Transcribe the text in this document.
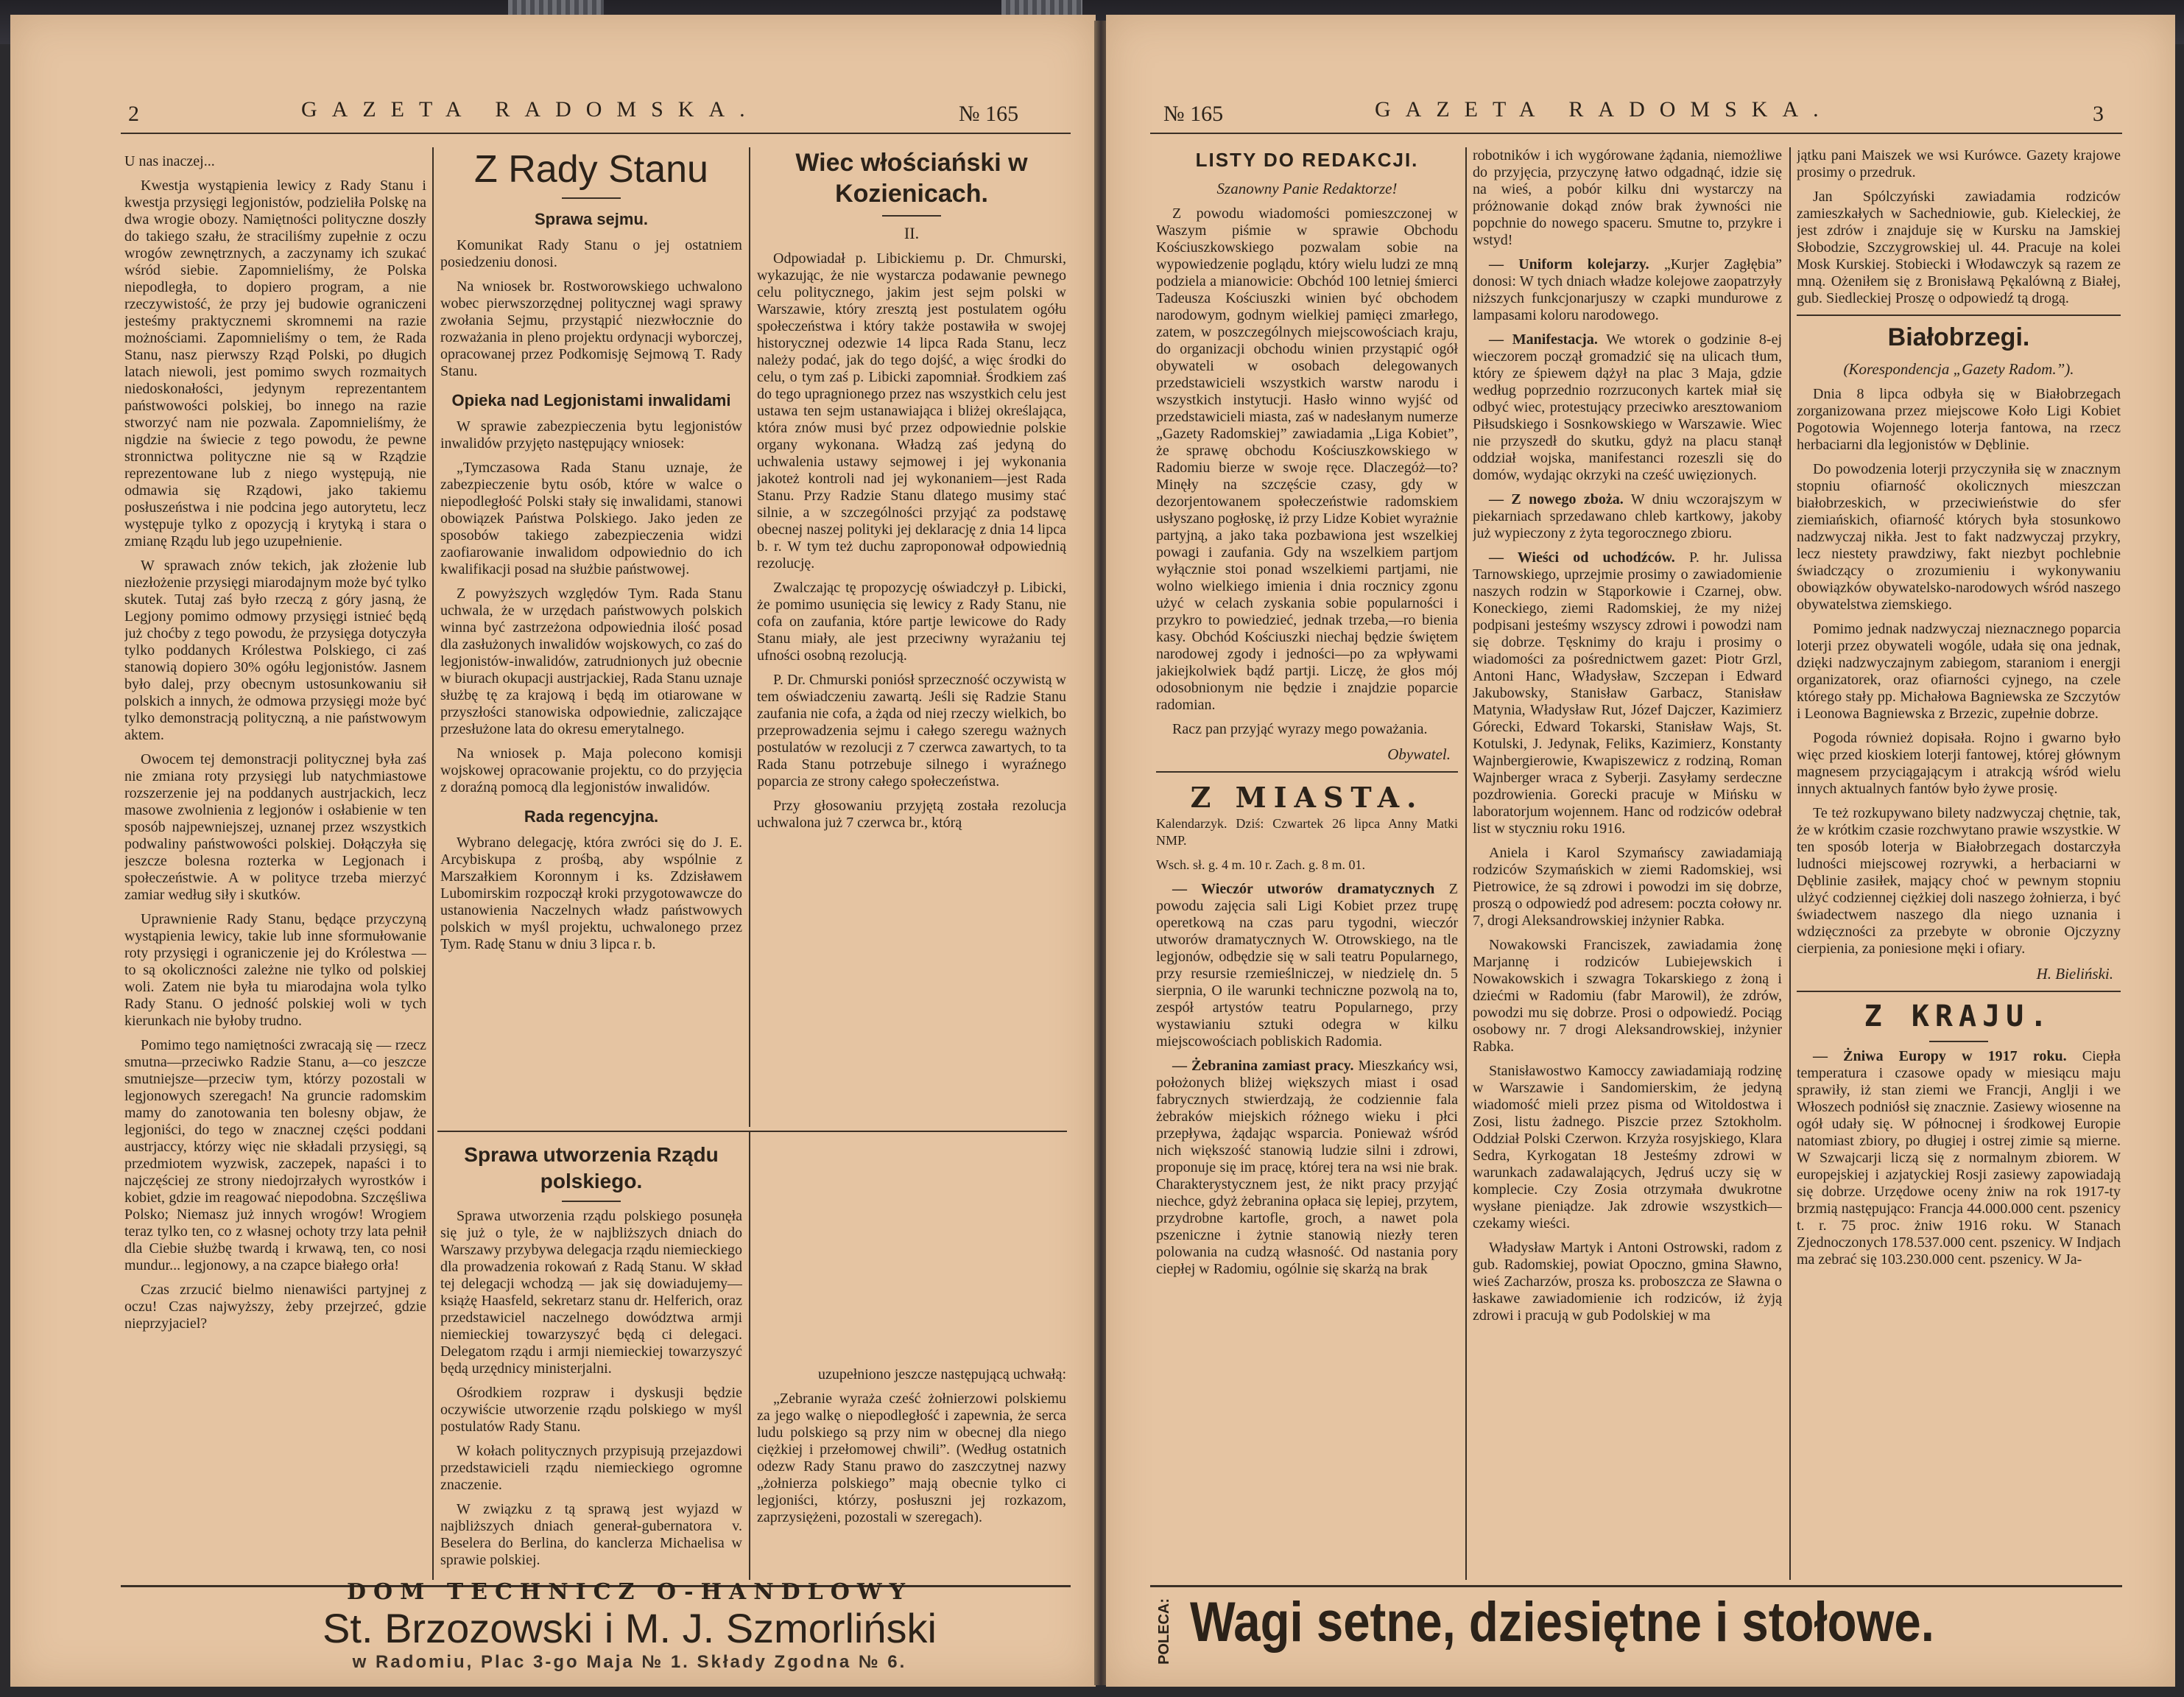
2	GAZETA RADOMSKA.	№ 165

U nas inaczej...

Kwestja wystąpienia lewicy z Rady Stanu i kwestja przysięgi legjonistów, podzieliła Polskę na dwa wrogie obozy. Namiętności polityczne doszły do takiego szału, że straciliśmy zupełnie z oczu wrogów zewnętrznych, a zaczynamy ich szukać wśród siebie. Zapomnieliśmy, że Polska niepodległa, to dopiero program, a nie rzeczywistość, że przy jej budowie ograniczeni jesteśmy praktycznemi skromnemi na razie możnościami. Zapomnieliśmy o tem, że Rada Stanu, nasz pierwszy Rząd Polski, po długich latach niewoli, jest pomimo swych rozmaitych niedoskonałości, jedynym reprezentantem państwowości polskiej, bo innego na razie stworzyć nam nie pozwala. Zapomnieliśmy, że nigdzie na świecie z tego powodu, że pewne stronnictwa polityczne nie są w Rządzie reprezentowane lub z niego występują, nie odmawia się Rządowi, jako takiemu posłuszeństwa i nie podcina jego autorytetu, lecz występuje tylko z opozycją i krytyką i stara o zmianę Rządu lub jego uzupełnienie.

W sprawach znów tekich, jak złożenie lub niezłożenie przysięgi miarodajnym może być tylko skutek. Tutaj zaś było rzeczą z góry jasną, że Legjony pomimo odmowy przysięgi istnieć będą już choćby z tego powodu, że przysięga dotyczyła tylko poddanych Królestwa Polskiego, ci zaś stanowią dopiero 30% ogółu legjonistów. Jasnem było dalej, przy obecnym ustosunkowaniu sił polskich a innych, że odmowa przysięgi może być tylko demonstracją polityczną, a nie państwowym aktem.

Owocem tej demonstracji politycznej była zaś nie zmiana roty przysięgi lub natychmiastowe rozszerzenie jej na poddanych austrjackich, lecz masowe zwolnienia z legjonów i osłabienie w ten sposób najpewniejszej, uznanej przez wszystkich podwaliny państwowości polskiej. Dołączyła się jeszcze bolesna rozterka w Legjonach i społeczeństwie. A w polityce trzeba mierzyć zamiar według siły i skutków.

Uprawnienie Rady Stanu, będące przyczyną wystąpienia lewicy, takie lub inne sformułowanie roty przysięgi i ograniczenie jej do Królestwa — to są okoliczności zależne nie tylko od polskiej woli. Zatem nie była tu miarodajna wola tylko Rady Stanu. O jedność polskiej woli w tych kierunkach nie byłoby trudno.

Pomimo tego namiętności zwracają się — rzecz smutna—przeciwko Radzie Stanu, a—co jeszcze smutniejsze—przeciw tym, którzy pozostali w legjonowych szeregach! Na gruncie radomskim mamy do zanotowania ten bolesny objaw, że legjoniści, do tego w znacznej części poddani austrjaccy, którzy więc nie składali przysięgi, są przedmiotem wyzwisk, zaczepek, napaści i to najczęściej ze strony niedojrzałych wyrostków i kobiet, gdzie im reagować niepodobna. Szczęśliwa Polsko; Niemasz już innych wrogów! Wrogiem teraz tylko ten, co z własnej ochoty trzy lata pełnił dla Ciebie służbę twardą i krwawą, ten, co nosi mundur... legjonowy, a na czapce białego orła!

Czas zrzucić bielmo nienawiści partyjnej z oczu! Czas najwyższy, żeby przejrzeć, gdzie nieprzyjaciel?

Z Rady Stanu
Sprawa sejmu.

Komunikat Rady Stanu o jej ostatniem posiedzeniu donosi.

Na wniosek br. Rostworowskiego uchwalono wobec pierwszorzędnej politycznej wagi sprawy zwołania Sejmu, przystąpić niezwłocznie do rozważania in pleno projektu ordynacji wyborczej, opracowanej przez Podkomisję Sejmową T. Rady Stanu.

Opieka nad Legjonistami inwalidami

W sprawie zabezpieczenia bytu legjonistów inwalidów przyjęto następujący wniosek:

„Tymczasowa Rada Stanu uznaje, że zabezpieczenie bytu osób, które w walce o niepodległość Polski stały się inwalidami, stanowi obowiązek Państwa Polskiego. Jako jeden ze sposobów takiego zabezpieczenia widzi zaofiarowanie inwalidom odpowiednio do ich kwalifikacji posad na służbie państwowej.

Z powyższych względów Tym. Rada Stanu uchwala, że w urzędach państwowych polskich winna być zastrzeżona odpowiednia ilość posad dla zasłużonych inwalidów wojskowych, co zaś do legjonistów-inwalidów, zatrudnionych już obecnie w biurach okupacji austrjackiej, Rada Stanu uznaje służbę tę za krajową i będą im otiarowane w przyszłości stanowiska odpowiednie, zaliczające przesłużone lata do okresu emerytalnego.

Na wniosek p. Maja polecono komisji wojskowej opracowanie projektu, co do przyjęcia z doraźną pomocą dla legjonistów inwalidów.

Rada regencyjna.

Wybrano delegację, która zwróci się do J. E. Arcybiskupa z prośbą, aby wspólnie z Marszałkiem Koronnym i ks. Zdzisławem Lubomirskim rozpoczął kroki przygotowawcze do ustanowienia Naczelnych władz państwowych polskich w myśl projektu, uchwalonego przez Tym. Radę Stanu w dniu 3 lipca r. b.

Wiec włościański w Kozienicach.
II.

Odpowiadał p. Libickiemu p. Dr. Chmurski, wykazując, że nie wystarcza podawanie pewnego celu politycznego, jakim jest sejm polski w Warszawie, który zresztą jest postulatem ogółu społeczeństwa i który także postawiła w swojej historycznej odezwie 14 lipca Rada Stanu, lecz należy podać, jak do tego dojść, a więc środki do celu, o tym zaś p. Libicki zapomniał. Środkiem zaś do tego upragnionego przez nas wszystkich celu jest ustawa ten sejm ustanawiająca i bliżej określająca, która znów musi być przez odpowiednie polskie organy wykonana. Władzą zaś jedyną do uchwalenia ustawy sejmowej i jej wykonania jakoteż kontroli nad jej wykonaniem—jest Rada Stanu. Przy Radzie Stanu dlatego musimy stać silnie, a w szczególności przyjąć za podstawę obecnej naszej polityki jej deklarację z dnia 14 lipca b. r. W tym też duchu zaproponował odpowiednią rezolucję.

Zwalczając tę propozycję oświadczył p. Libicki, że pomimo usunięcia się lewicy z Rady Stanu, nie cofa on zaufania, które partje lewicowe do Rady Stanu miały, ale jest przeciwny wyrażaniu tej ufności osobną rezolucją.

P. Dr. Chmurski poniósł sprzeczność oczywistą w tem oświadczeniu zawartą. Jeśli się Radzie Stanu zaufania nie cofa, a żąda od niej rzeczy wielkich, bo przeprowadzenia sejmu i całego szeregu ważnych postulatów w rezolucji z 7 czerwca zawartych, to ta Rada Stanu potrzebuje silnego i wyraźnego poparcia ze strony całego społeczeństwa.

Przy głosowaniu przyjętą została rezolucja uchwalona już 7 czerwca br., którą

Sprawa utworzenia Rządu polskiego.

Sprawa utworzenia rządu polskiego posunęła się już o tyle, że w najbliższych dniach do Warszawy przybywa delegacja rządu niemieckiego dla prowadzenia rokowań z Radą Stanu. W skład tej delegacji wchodzą — jak się dowiadujemy—książę Haasfeld, sekretarz stanu dr. Helferich, oraz przedstawiciel naczelnego dowództwa armji niemieckiej towarzyszyć będą ci delegaci. Delegatom rządu i armji niemieckiej towarzyszyć będą urzędnicy ministerjalni.

Ośrodkiem rozpraw i dyskusji będzie oczywiście utworzenie rządu polskiego w myśl postulatów Rady Stanu.

W kołach politycznych przypisują przejazdowi przedstawicieli rządu niemieckiego ogromne znaczenie.

W związku z tą sprawą jest wyjazd w najbliższych dniach generał-gubernatora v. Beselera do Berlina, do kanclerza Michaelisa w sprawie polskiej.

uzupełniono jeszcze następującą uchwałą:

„Zebranie wyraża cześć żołnierzowi polskiemu za jego walkę o niepodległość i zapewnia, że serca ludu polskiego są przy nim w obecnej dla niego ciężkiej i przełomowej chwili”. (Według ostatnich odezw Rady Stanu prawo do zaszczytnej nazwy „żołnierza polskiego” mają obecnie tylko ci legjoniści, którzy, posłuszni jej rozkazom, zaprzysiężeni, pozostali w szeregach).

DOM TECHNICZ O-HANDLOWY
St. Brzozowski i M. J. Szmorliński
w Radomiu, Plac 3-go Maja № 1. Składy Zgodna № 6.
№ 165	GAZETA RADOMSKA.	3
LISTY DO REDAKCJI.
Szanowny Panie Redaktorze!

Z powodu wiadomości pomieszczonej w Waszym piśmie w sprawie Obchodu Kościuszkowskiego pozwalam sobie na wypowiedzenie poglądu, który wielu ludzi ze mną podziela a mianowicie: Obchód 100 letniej śmierci Tadeusza Kościuszki winien być obchodem narodowym, godnym wielkiej pamięci zmarłego, zatem, w poszczególnych miejscowościach kraju, do organizacji obchodu winien przystąpić ogół obywateli w osobach delegowanych przedstawicieli wszystkich warstw narodu i wszystkich instytucji. Hasło winno wyjść od przedstawicieli miasta, zaś w nadesłanym numerze „Gazety Radomskiej” zawiadamia „Liga Kobiet”, że sprawę obchodu Kościuszkowskiego w Radomiu bierze w swoje ręce. Dlaczegóż—to? Minęły na szczęście czasy, gdy w dezorjentowanem społeczeństwie radomskiem usłyszano pogłoskę, iż przy Lidze Kobiet wyrażnie partyjną, a jako taka pozbawiona jest wszelkiej powagi i zaufania. Gdy na wszelkiem partjom wyłącznie stoi ponad wszelkiemi partjami, nie wolno wielkiego imienia i dnia rocznicy zgonu użyć w celach zyskania sobie popularności i przykro to powiedzieć, jednak trzeba,—ro bienia kasy. Obchód Kościuszki niechaj będzie świętem narodowej zgody i jedności—po za wpływami jakiejkolwiek bądź partji. Liczę, że głos mój odosobnionym nie będzie i znajdzie poparcie radomian.

Racz pan przyjąć wyrazy mego poważania.

Obywatel.
Z MIASTA.

Kalendarzyk. Dziś: Czwartek 26 lipca Anny Matki NMP.

Wsch. sł. g. 4 m. 10 r. Zach. g. 8 m. 01.

— Wieczór utworów dramatycznych Z powodu zajęcia sali Ligi Kobiet przez trupę operetkową na czas paru tygodni, wieczór utworów dramatycznych W. Otrowskiego, na tle legjonów, odbędzie się w sali teatru Popularnego, przy resursie rzemieślniczej, w niedzielę dn. 5 sierpnia, O ile warunki techniczne pozwolą na to, zespół artystów teatru Popularnego, przy wystawianiu sztuki odegra w kilku miejscowościach pobliskich Radomia.

— Żebranina zamiast pracy. Mieszkańcy wsi, położonych bliżej większych miast i osad fabrycznych stwierdzają, że codziennie fala żebraków miejskich różnego wieku i płci przepływa, żądając wsparcia. Ponieważ wśród nich większość stanowią ludzie silni i zdrowi, proponuje się im pracę, której tera na wsi nie brak. Charakterystycznem jest, że nikt pracy przyjąć niechce, gdyż żebranina opłaca się lepiej, przytem, przydrobne kartofle, groch, a nawet pola pszeniczne i żytnie stanowią niezły teren polowania na cudzą własność. Od nastania pory ciepłej w Radomiu, ogólnie się skarżą na brak

robotników i ich wygórowane żądania, niemożliwe do przyjęcia, przyczynę łatwo odgadnąć, idzie się na wieś, a pobór kilku dni wystarczy na próżnowanie dokąd znów brak żywności nie popchnie do nowego spaceru. Smutne to, przykre i wstyd!

— Uniform kolejarzy. „Kurjer Zagłębia” donosi: W tych dniach władze kolejowe zaopatrzyły niższych funkcjonarjuszy w czapki mundurowe z lampasami koloru narodowego.

— Manifestacja. We wtorek o godzinie 8-ej wieczorem począł gromadzić się na ulicach tłum, który ze śpiewem dążył na plac 3 Maja, gdzie według poprzednio rozrzuconych kartek miał się odbyć wiec, protestujący przeciwko aresztowaniom Piłsudskiego i Sosnkowskiego w Warszawie. Wiec nie przyszedł do skutku, gdyż na placu stanął oddział wojska, manifestanci rozeszli się do domów, wydając okrzyki na cześć uwięzionych.

— Z nowego zboża. W dniu wczorajszym w piekarniach sprzedawano chleb kartkowy, jakoby już wypieczony z żyta tegorocznego zbioru.

— Wieści od uchodźców. P. hr. Julissa Tarnowskiego, uprzejmie prosimy o zawiadomienie naszych rodzin w Stąporkowie i Czarnej, obw. Koneckiego, ziemi Radomskiej, że my niżej podpisani jesteśmy wszyscy zdrowi i powodzi nam się dobrze. Tęsknimy do kraju i prosimy o wiadomości za pośrednictwem gazet: Piotr Grzl, Antoni Hanc, Władysław, Szczepan i Edward Jakubowsky, Stanisław Garbacz, Stanisław Matynia, Władysław Rut, Józef Dajczer, Kazimierz Górecki, Edward Tokarski, Stanisław Wajs, St. Kotulski, J. Jedynak, Feliks, Kazimierz, Konstanty Wajnbergierowie, Kwapiszewicz z rodziną, Roman Wajnberger wraca z Syberji. Zasyłamy serdeczne pozdrowienia. Gorecki pracuje w Mińsku w laboratorjum wojennem. Hanc od rodziców odebrał list w styczniu roku 1916.

Aniela i Karol Szymańscy zawiadamiają rodziców Szymańskich w ziemi Radomskiej, wsi Pietrowice, że są zdrowi i powodzi im się dobrze, proszą o odpowiedź pod adresem: poczta cołowy nr. 7, drogi Aleksandrowskiej inżynier Rabka.

Nowakowski Franciszek, zawiadamia żonę Marjannę i rodziców Lubiejewskich i Nowakowskich i szwagra Tokarskiego z żoną i dziećmi w Radomiu (fabr Marowil), że zdrów, powodzi mu się dobrze. Prosi o odpowiedź. Pociąg osobowy nr. 7 drogi Aleksandrowskiej, inżynier Rabka.

Stanisławostwo Kamoccy zawiadamiają rodzinę w Warszawie i Sandomierskim, że jedyną wiadomość mieli przez pisma od Witoldostwa i Zosi, listu żadnego. Piszcie przez Sztokholm. Oddział Polski Czerwon. Krzyża rosyjskiego, Klara Sedra, Kyrkogatan 18 Jesteśmy zdrowi w warunkach zadawalających, Jędruś uczy się w komplecie. Czy Zosia otrzymała dwukrotne wysłane pieniądze. Jak zdrowie wszystkich—czekamy wieści.

Władysław Martyk i Antoni Ostrowski, radom z gub. Radomskiej, powiat Opoczno, gmina Sławno, wieś Zacharzów, prosza ks. proboszcza ze Sławna o łaskawe zawiadomienie ich rodziców, iż żyją zdrowi i pracują w gub Podolskiej w ma

jątku pani Maiszek we wsi Kurówce. Gazety krajowe prosimy o przedruk.

Jan Spólczyński zawiadamia rodziców zamieszkałych w Sachedniowie, gub. Kieleckiej, że jest zdrów i znajduje się w Kursku na Jamskiej Słobodzie, Szczygrowskiej ul. 44. Pracuje na kolei Mosk Kurskiej. Stobiecki i Włodawczyk są razem ze mną. Ożeniłem się z Bronisławą Pękalówną z Białej, gub. Siedleckiej Proszę o odpowiedź tą drogą.

Białobrzegi.
(Korespondencja „Gazety Radom.”).

Dnia 8 lipca odbyła się w Białobrzegach zorganizowana przez miejscowe Koło Ligi Kobiet Pogotowia Wojennego loterja fantowa, na rzecz herbaciarni dla legjonistów w Dęblinie.

Do powodzenia loterji przyczyniła się w znacznym stopniu ofiarność okolicznych mieszczan białobrzeskich, w przeciwieństwie do sfer ziemiańskich, ofiarność których była stosunkowo nadzwyczaj nikła. Jest to fakt nadzwyczaj przykry, lecz niestety prawdziwy, fakt niezbyt pochlebnie świadczący o zrozumieniu i wykonywaniu obowiązków obywatelsko-narodowych wśród naszego obywatelstwa ziemskiego.

Pomimo jednak nadzwyczaj nieznacznego poparcia loterji przez obywateli wogóle, udała się ona jednak, dzięki nadzwyczajnym zabiegom, staraniom i energji organizatorek, oraz ofiarności cyjnego, na czele którego stały pp. Michałowa Bagniewska ze Szczytów i Leonowa Bagniewska z Brzezic, zupełnie dobrze.

Pogoda również dopisała. Rojno i gwarno było więc przed kioskiem loterji fantowej, której głównym magnesem przyciągającym i atrakcją wśród wielu innych aktualnych fantów było żywe prosię.

Te też rozkupywano bilety nadzwyczaj chętnie, tak, że w krótkim czasie rozchwytano prawie wszystkie. W ten sposób loterja w Białobrzegach dostarczyła ludności miejscowej rozrywki, a herbaciarni w Dęblinie zasiłek, mający choć w pewnym stopniu ulżyć codziennej ciężkiej doli naszego żołnierza, i być świadectwem naszego dla niego uznania i wdzięczności za przebyte w obronie Ojczyzny cierpienia, za poniesione męki i ofiary.

H. Bieliński.
Z KRAJU.

— Żniwa Europy w 1917 roku. Ciepła temperatura i czasowe opady w miesiącu maju sprawiły, iż stan ziemi we Francji, Anglji i we Włoszech podniósł się znacznie. Zasiewy wiosenne na ogół udały się. W północnej i środkowej Europie natomiast zbiory, po długiej i ostrej zimie są mierne. W Szwajcarji liczą się z normalnym zbiorem. W europejskiej i azjatyckiej Rosji zasiewy zapowiadają się dobrze. Urzędowe oceny żniw na rok 1917-ty brzmią następująco: Francja 44.000.000 cent. pszenicy t. r. 75 proc. żniw 1916 roku. W Stanach Zjednoczonych 178.537.000 cent. pszenicy. W Indjach ma zebrać się 103.230.000 cent. pszenicy. W Ja-

POLECA: Wagi setne, dziesiętne i stołowe.
